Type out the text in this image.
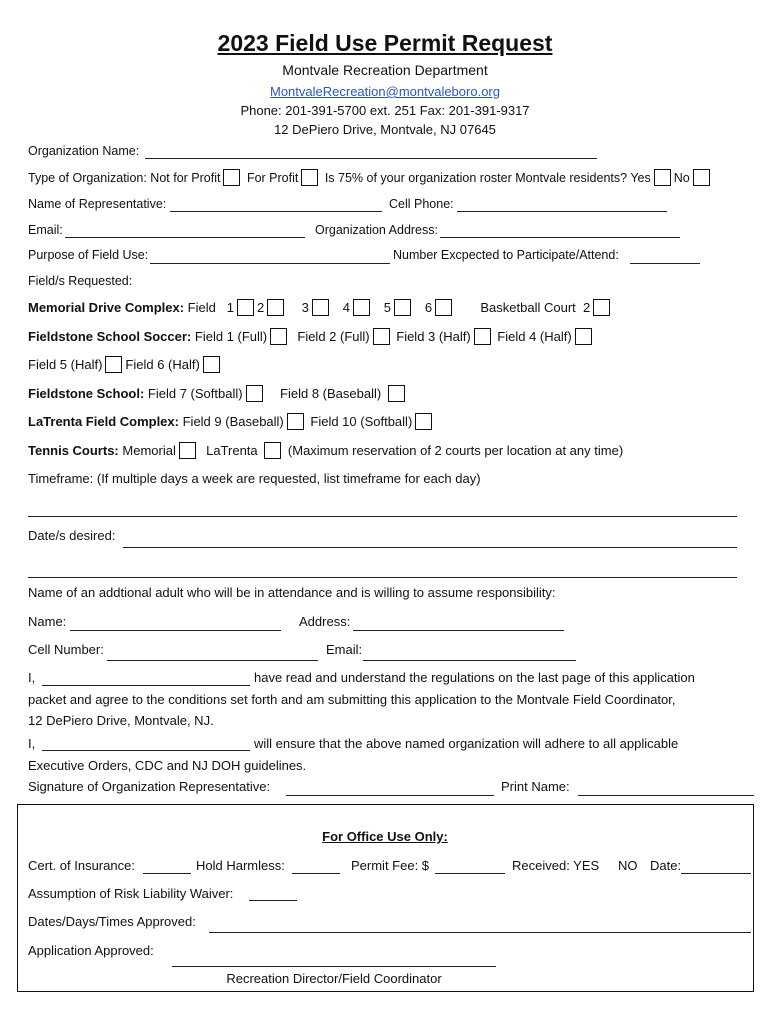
2023 Field Use Permit Request
Montvale Recreation Department
MontvaleRecreation@montvaleboro.org
Phone: 201-391-5700 ext. 251 Fax: 201-391-9317
12 DePiero Drive, Montvale, NJ 07645
Organization Name:
Type of Organization: Not for Profit For Profit Is 75% of your organization roster Montvale residents? Yes No
Name of Representative:	Cell Phone:
Email:	Organization Address:
Purpose of Field Use:	Number Excpected to Participate/Attend:
Field/s Requested:
Memorial Drive Complex: Field 1 2	3	4	5	6	Basketball Court 2
Fieldstone School Soccer: Field 1 (Full) Field 2 (Full) Field 3 (Half) Field 4 (Half)
Field 5 (Half) Field 6 (Half)
Fieldstone School: Field 7 (Softball)	Field 8 (Baseball)
LaTrenta Field Complex: Field 9 (Baseball) Field 10 (Softball)
Tennis Courts: Memorial LaTrenta (Maximum reservation of 2 courts per location at any time)
Timeframe: (If multiple days a week are requested, list timeframe for each day)
Date/s desired:
Name of an addtional adult who will be in attendance and is willing to assume responsibility:
Name:	Address:
Cell Number:	Email:
I,	have read and understand the regulations on the last page of this application
packet and agree to the conditions set forth and am submitting this application to the Montvale Field Coordinator,
12 DePiero Drive, Montvale, NJ.
I,	will ensure that the above named organization will adhere to all applicable
Executive Orders, CDC and NJ DOH guidelines.
Signature of Organization Representative:	Print Name:
For Office Use Only:
Cert. of Insurance:	Hold Harmless:	Permit Fee: $	Received: YES NO Date:
Assumption of Risk Liability Waiver:
Dates/Days/Times Approved:
Application Approved:
Recreation Director/Field Coordinator
